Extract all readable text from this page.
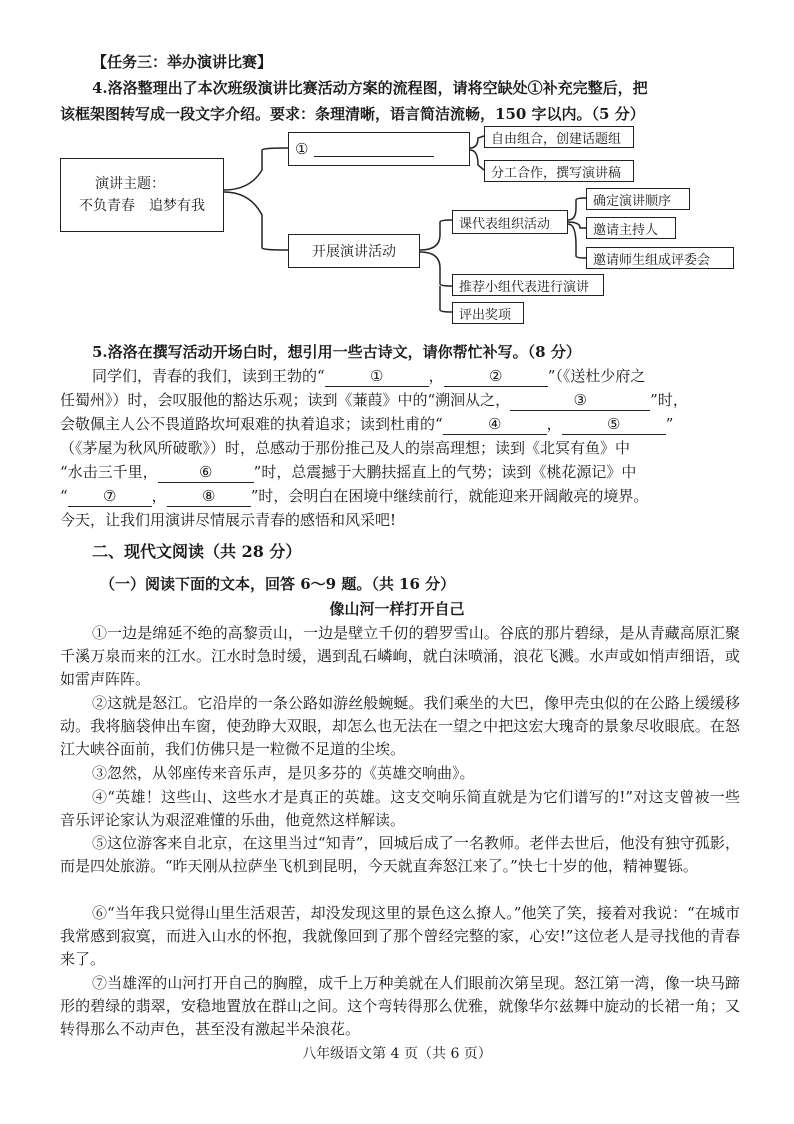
【任务三：举办演讲比赛】
4.洛洛整理出了本次班级演讲比赛活动方案的流程图，请将空缺处①补充完整后，把
该框架图转写成一段文字介绍。要求：条理清晰，语言简洁流畅，150 字以内。（5 分）
演讲主题：
不负青春　追梦有我
①
开展演讲活动
自由组合，创建话题组
分工合作，撰写演讲稿
课代表组织活动
推荐小组代表进行演讲
评出奖项
确定演讲顺序
邀请主持人
邀请师生组成评委会
5.洛洛在撰写活动开场白时，想引用一些古诗文，请你帮忙补写。（8 分）
同学们，青春的我们，读到王勃的“	①	，	②	”（《送杜少府之
任蜀州》）时，会叹服他的豁达乐观；读到《蒹葭》中的“溯洄从之，	③	”时，
会敬佩主人公不畏道路坎坷艰难的执着追求；读到杜甫的“	④	，	⑤	”
（《茅屋为秋风所破歌》）时，总感动于那份推己及人的崇高理想；读到《北冥有鱼》中
“水击三千里，	⑥	”时，总震撼于大鹏扶摇直上的气势；读到《桃花源记》中
“ ⑦ ， ⑧ ”时，会明白在困境中继续前行，就能迎来开阔敞亮的境界。
今天，让我们用演讲尽情展示青春的感悟和风采吧!
二、现代文阅读（共 28 分）
（一）阅读下面的文本，回答 6～9 题。（共 16 分）
像山河一样打开自己
①一边是绵延不绝的高黎贡山，一边是壁立千仞的碧罗雪山。谷底的那片碧绿，是从青藏高原汇聚千溪万泉而来的江水。江水时急时缓，遇到乱石嶙峋，就白沫喷涌，浪花飞溅。水声或如悄声细语，或如雷声阵阵。
②这就是怒江。它沿岸的一条公路如游丝般蜿蜒。我们乘坐的大巴，像甲壳虫似的在公路上缓缓移动。我将脑袋伸出车窗，使劲睁大双眼，却怎么也无法在一望之中把这宏大瑰奇的景象尽收眼底。在怒江大峡谷面前，我们仿佛只是一粒微不足道的尘埃。
③忽然，从邻座传来音乐声，是贝多芬的《英雄交响曲》。
④“英雄！这些山、这些水才是真正的英雄。这支交响乐简直就是为它们谱写的!”对这支曾被一些音乐评论家认为艰涩难懂的乐曲，他竟然这样解读。
⑤这位游客来自北京，在这里当过“知青”，回城后成了一名教师。老伴去世后，他没有独守孤影，而是四处旅游。“昨天刚从拉萨坐飞机到昆明，今天就直奔怒江来了。”快七十岁的他，精神矍铄。
⑥“当年我只觉得山里生活艰苦，却没发现这里的景色这么撩人。”他笑了笑，接着对我说：“在城市我常感到寂寞，而进入山水的怀抱，我就像回到了那个曾经完整的家，心安!”这位老人是寻找他的青春来了。
⑦当雄浑的山河打开自己的胸膛，成千上万种美就在人们眼前次第呈现。怒江第一湾，像一块马蹄形的碧绿的翡翠，安稳地置放在群山之间。这个弯转得那么优雅，就像华尔兹舞中旋动的长裙一角；又转得那么不动声色，甚至没有激起半朵浪花。
八年级语文第 4 页（共 6 页）
